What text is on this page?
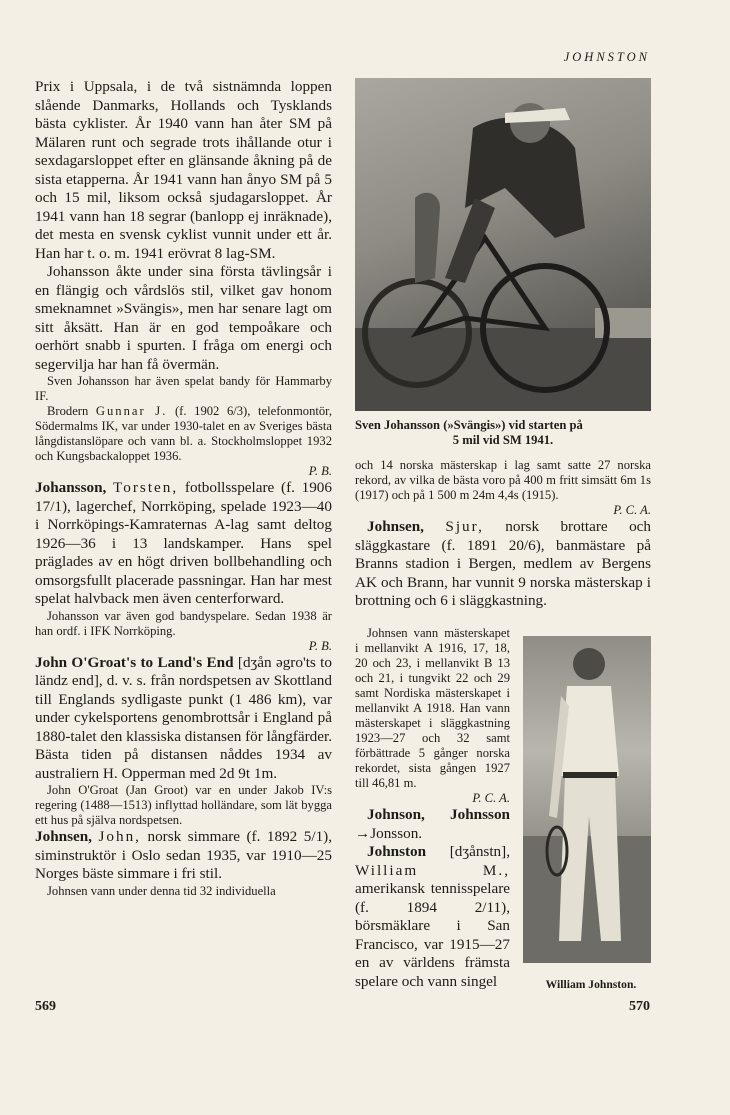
JOHNSTON

Prix i Uppsala, i de två sistnämnda loppen slående Danmarks, Hollands och Tysklands bästa cyklister. År 1940 vann han åter SM på Mälaren runt och segrade trots ihållande otur i sexdagarsloppet efter en glänsande åkning på de sista etapperna. År 1941 vann han ånyo SM på 5 och 15 mil, liksom också sjudagarsloppet. År 1941 vann han 18 segrar (banlopp ej inräknade), det mesta en svensk cyklist vunnit under ett år. Han har t. o. m. 1941 erövrat 8 lag-SM.

Johansson åkte under sina första tävlingsår i en flängig och vårdslös stil, vilket gav honom smeknamnet »Svängis», men har senare lagt om sitt åksätt. Han är en god tempoåkare och oerhört snabb i spurten. I fråga om energi och segervilja har han få övermän.

Sven Johansson har även spelat bandy för Hammarby IF.

Brodern Gunnar J. (f. 1902 6/3), telefonmontör, Södermalms IK, var under 1930-talet en av Sveriges bästa långdistanslöpare och vann bl. a. Stockholmsloppet 1932 och Kungsbackaloppet 1936.
P. B.

Johansson, Torsten, fotbollsspelare (f. 1906 17/1), lagerchef, Norrköping, spelade 1923—40 i Norrköpings-Kamraternas A-lag samt deltog 1926—36 i 13 landskamper. Hans spel präglades av en högt driven bollbehandling och omsorgsfullt placerade passningar. Han har mest spelat halvback men även centerforward.

Johansson var även god bandyspelare. Sedan 1938 är han ordf. i IFK Norrköping.
P. B.

John O'Groat's to Land's End [dʒån əgro'ts to ländz end], d. v. s. från nordspetsen av Skottland till Englands sydligaste punkt (1 486 km), var under cykelsportens genombrottsår i England på 1880-talet den klassiska distansen för långfärder. Bästa tiden på distansen nåddes 1934 av australiern H. Opperman med 2d 9t 1m.

John O'Groat (Jan Groot) var en under Jakob IV:s regering (1488—1513) inflyttad holländare, som lät bygga ett hus på själva nordspetsen.

Johnsen, John, norsk simmare (f. 1892 5/1), siminstruktör i Oslo sedan 1935, var 1910—25 Norges bäste simmare i fri stil.

Johnsen vann under denna tid 32 individuella

Sven Johansson (»Svängis») vid starten på
5 mil vid SM 1941.

och 14 norska mästerskap i lag samt satte 27 norska rekord, av vilka de bästa voro på 400 m fritt simsätt 6m 1s (1917) och på 1 500 m 24m 4,4s (1915).
P. C. A.

Johnsen, Sjur, norsk brottare och släggkastare (f. 1891 20/6), banmästare på Branns stadion i Bergen, medlem av Bergens AK och Brann, har vunnit 9 norska mästerskap i brottning och 6 i släggkastning.

Johnsen vann mästerskapet i mellanvikt A 1916, 17, 18, 20 och 23, i mellanvikt B 13 och 21, i tungvikt 22 och 29 samt Nordiska mästerskapet i mellanvikt A 1918. Han vann mästerskapet i släggkastning 1923—27 och 32 samt förbättrade 5 gånger norska rekordet, sista gången 1927 till 46,81 m.
P. C. A.

Johnson, Johnsson →Jonsson.

Johnston [dʒånstn], William M., amerikansk tennisspelare (f. 1894 2/11), börsmäklare i San Francisco, var 1915—27 en av världens främsta spelare och vann singel	William Johnston.
569	570
